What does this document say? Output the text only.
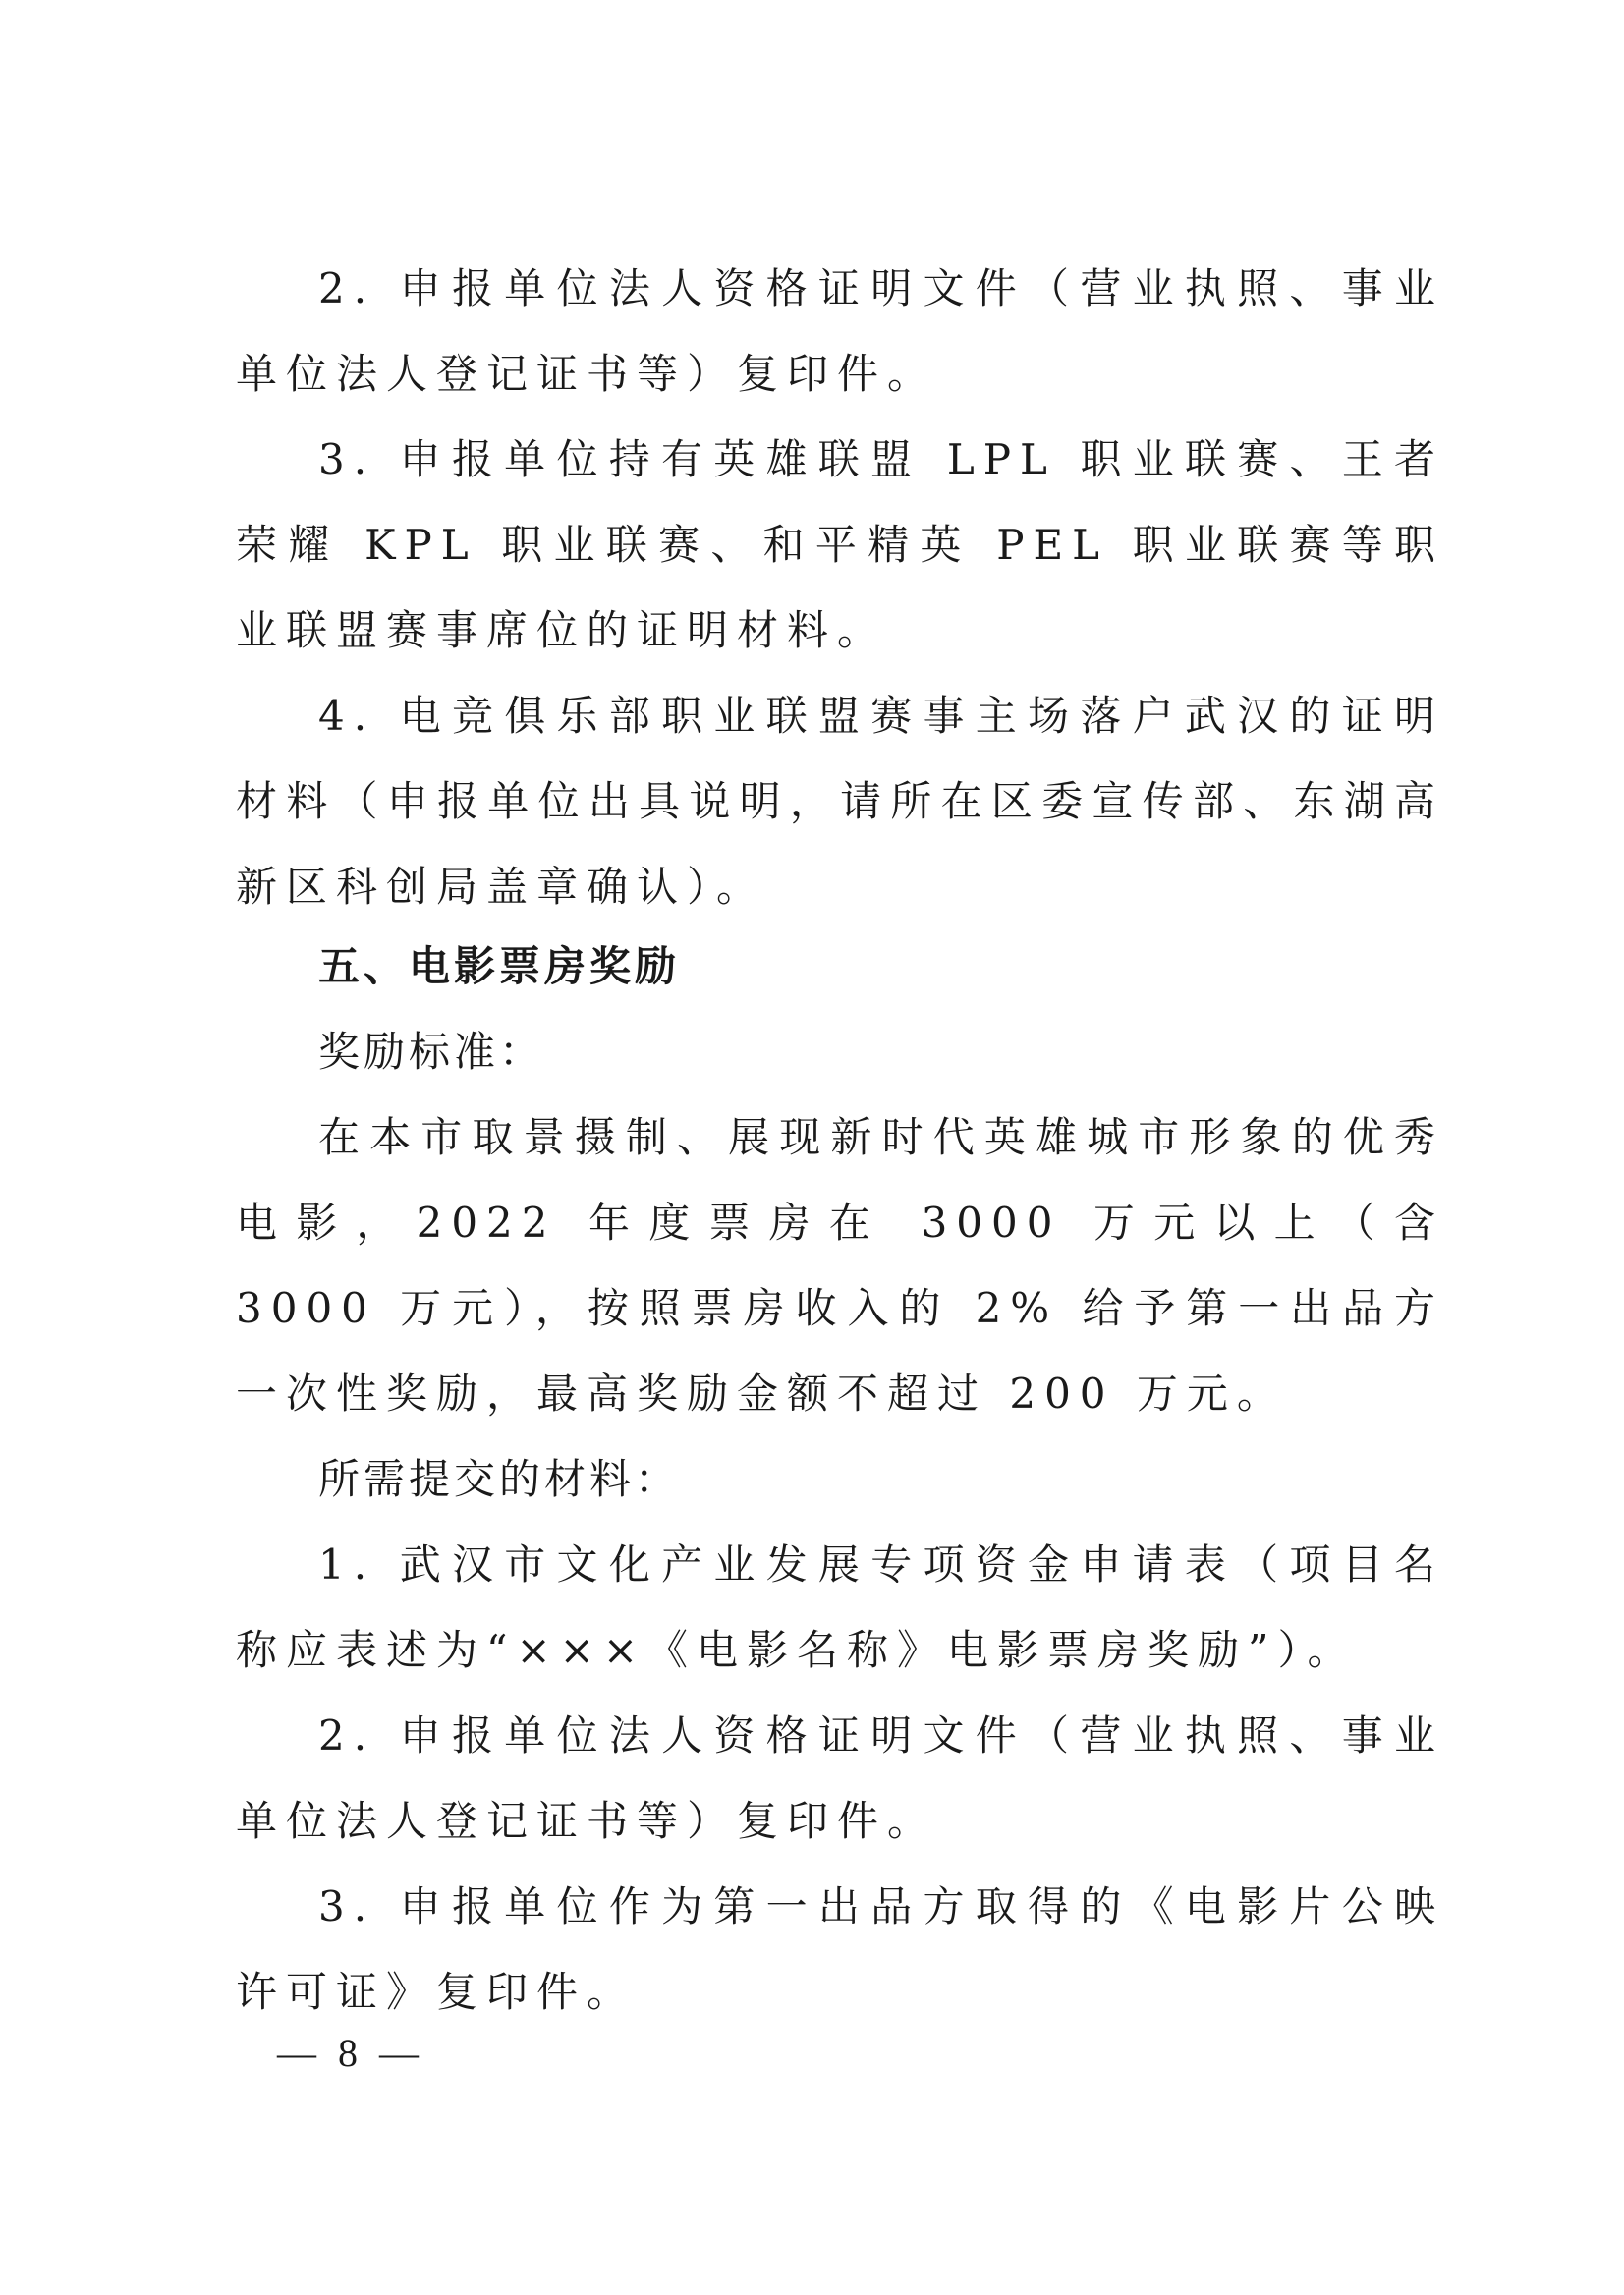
2. 申报单位法人资格证明文件（营业执照、事业单位法人登记证书等）复印件。

3. 申报单位持有英雄联盟 LPL 职业联赛、王者荣耀 KPL 职业联赛、和平精英 PEL 职业联赛等职业联盟赛事席位的证明材料。

4. 电竞俱乐部职业联盟赛事主场落户武汉的证明材料（申报单位出具说明，请所在区委宣传部、东湖高新区科创局盖章确认）。

五、电影票房奖励
奖励标准：

在本市取景摄制、展现新时代英雄城市形象的优秀电影，2022 年度票房在 3000 万元以上（含 3000 万元），按照票房收入的 2% 给予第一出品方一次性奖励，最高奖励金额不超过 200 万元。

所需提交的材料：

1. 武汉市文化产业发展专项资金申请表（项目名称应表述为“×××《电影名称》电影票房奖励”）。

2. 申报单位法人资格证明文件（营业执照、事业单位法人登记证书等）复印件。

3. 申报单位作为第一出品方取得的《电影片公映许可证》复印件。

— 8 —
